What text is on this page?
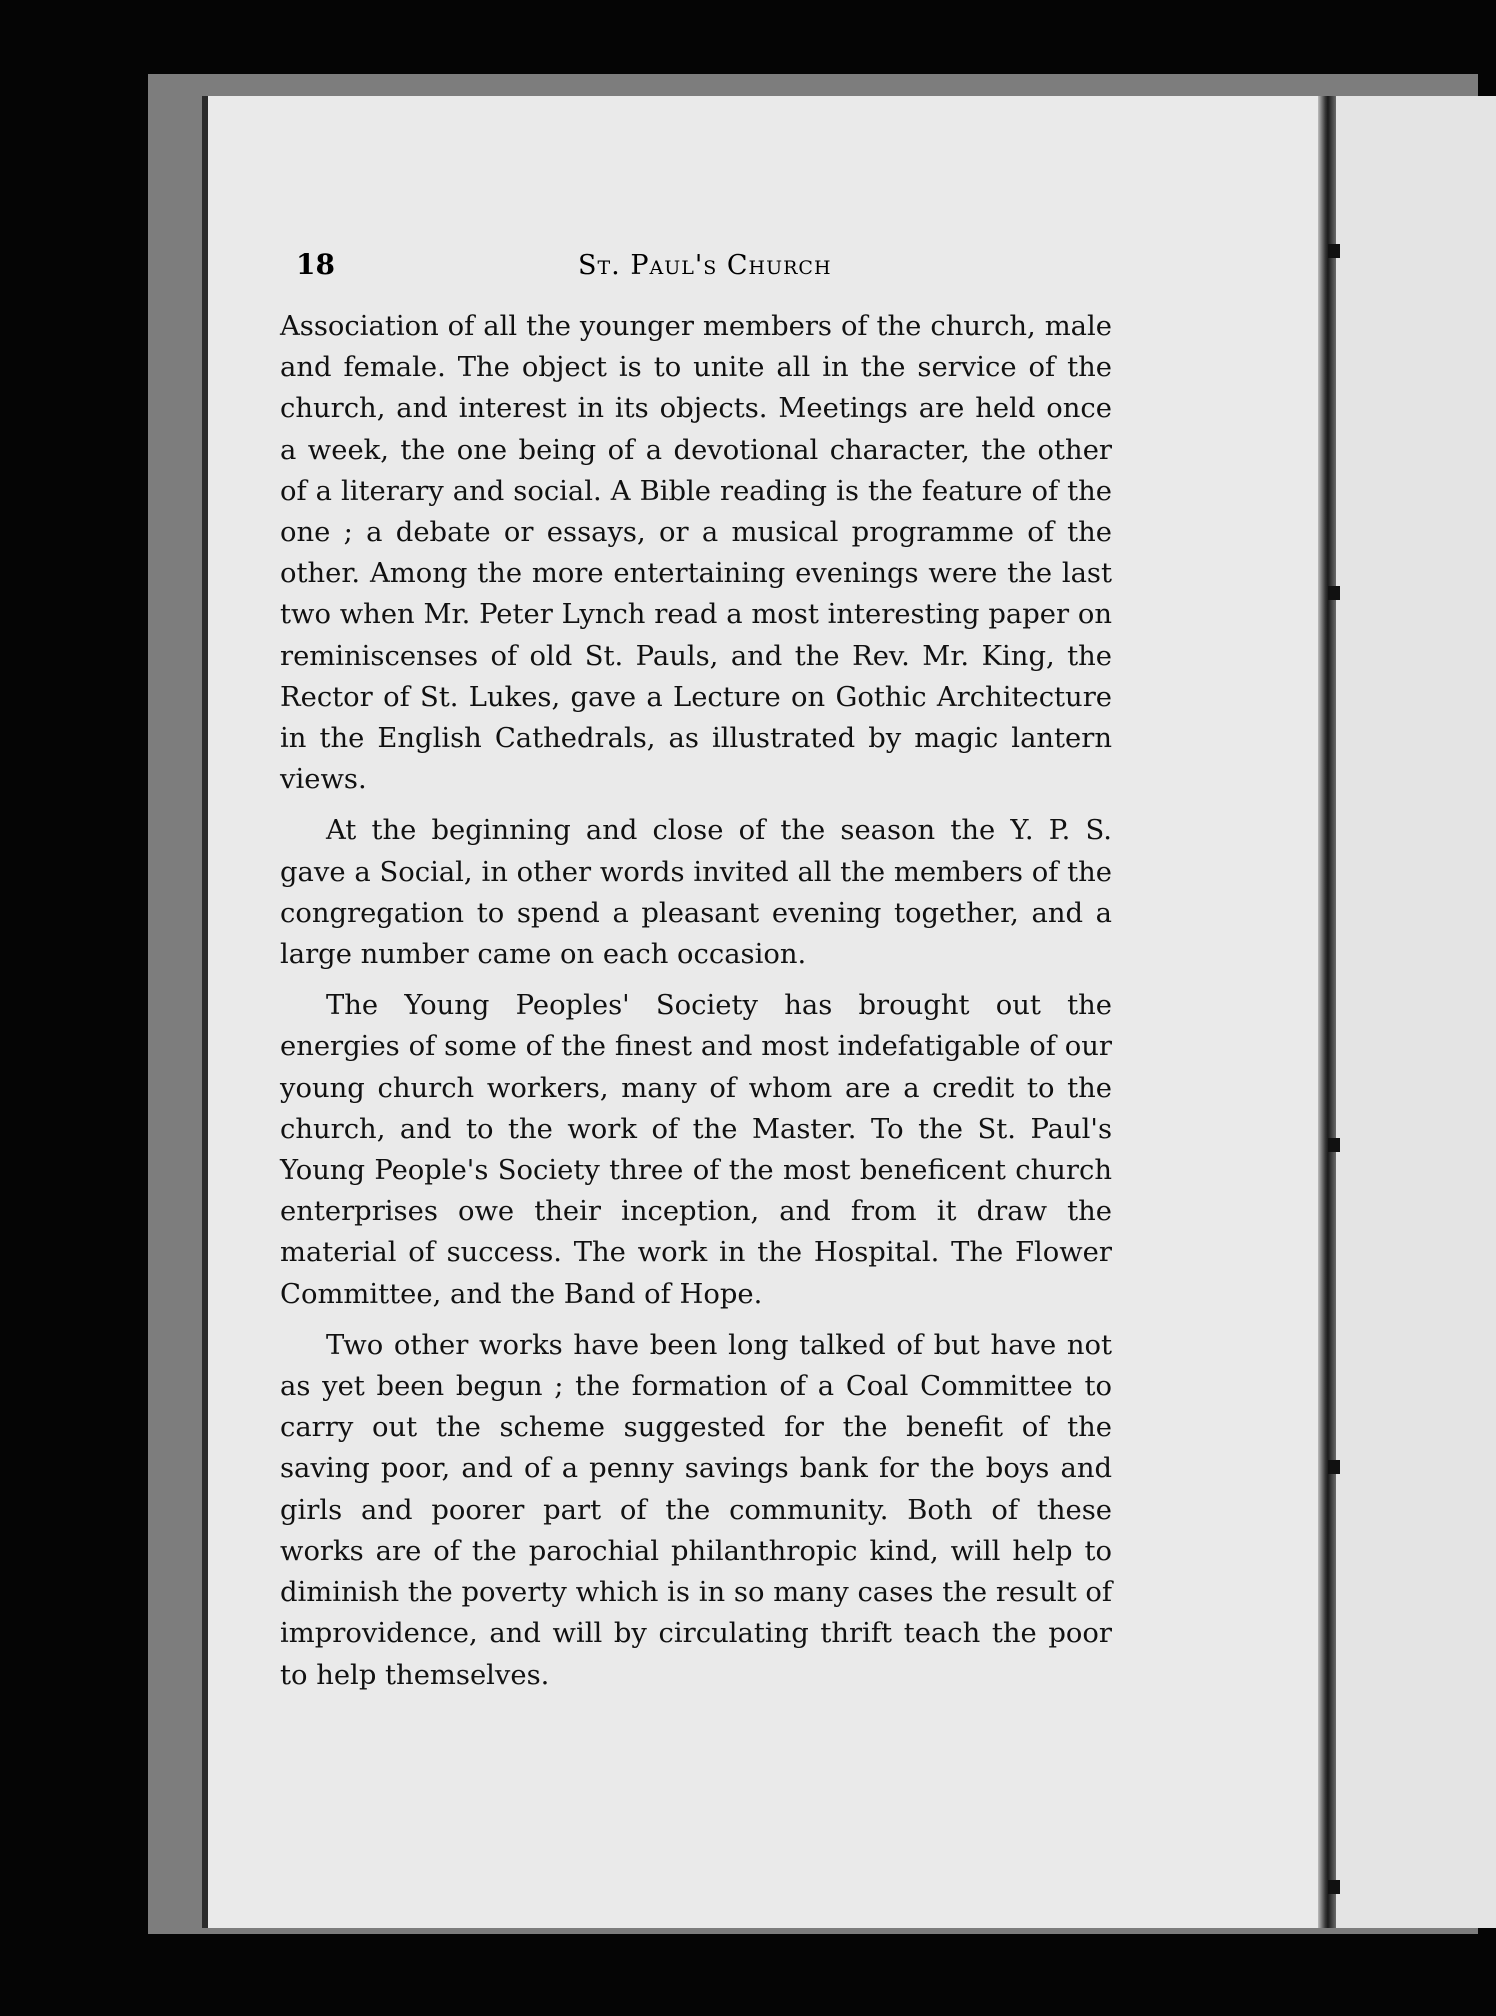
18	St. Paul's Church

Association of all the younger members of the church, male and female. The object is to unite all in the service of the church, and interest in its objects. Meetings are held once a week, the one being of a devotional character, the other of a literary and social. A Bible reading is the feature of the one ; a debate or essays, or a musical programme of the other. Among the more entertaining evenings were the last two when Mr. Peter Lynch read a most interesting paper on reminiscenses of old St. Pauls, and the Rev. Mr. King, the Rector of St. Lukes, gave a Lecture on Gothic Architecture in the English Cathedrals, as illustrated by magic lantern views.

At the beginning and close of the season the Y. P. S. gave a Social, in other words invited all the members of the congregation to spend a pleasant evening together, and a large number came on each occasion.

The Young Peoples' Society has brought out the energies of some of the finest and most indefatigable of our young church workers, many of whom are a credit to the church, and to the work of the Master. To the St. Paul's Young People's Society three of the most beneficent church enterprises owe their inception, and from it draw the material of success. The work in the Hospital. The Flower Committee, and the Band of Hope.

Two other works have been long talked of but have not as yet been begun ; the formation of a Coal Committee to carry out the scheme suggested for the benefit of the saving poor, and of a penny savings bank for the boys and girls and poorer part of the community. Both of these works are of the parochial philanthropic kind, will help to diminish the poverty which is in so many cases the result of improvidence, and will by circulating thrift teach the poor to help themselves.
